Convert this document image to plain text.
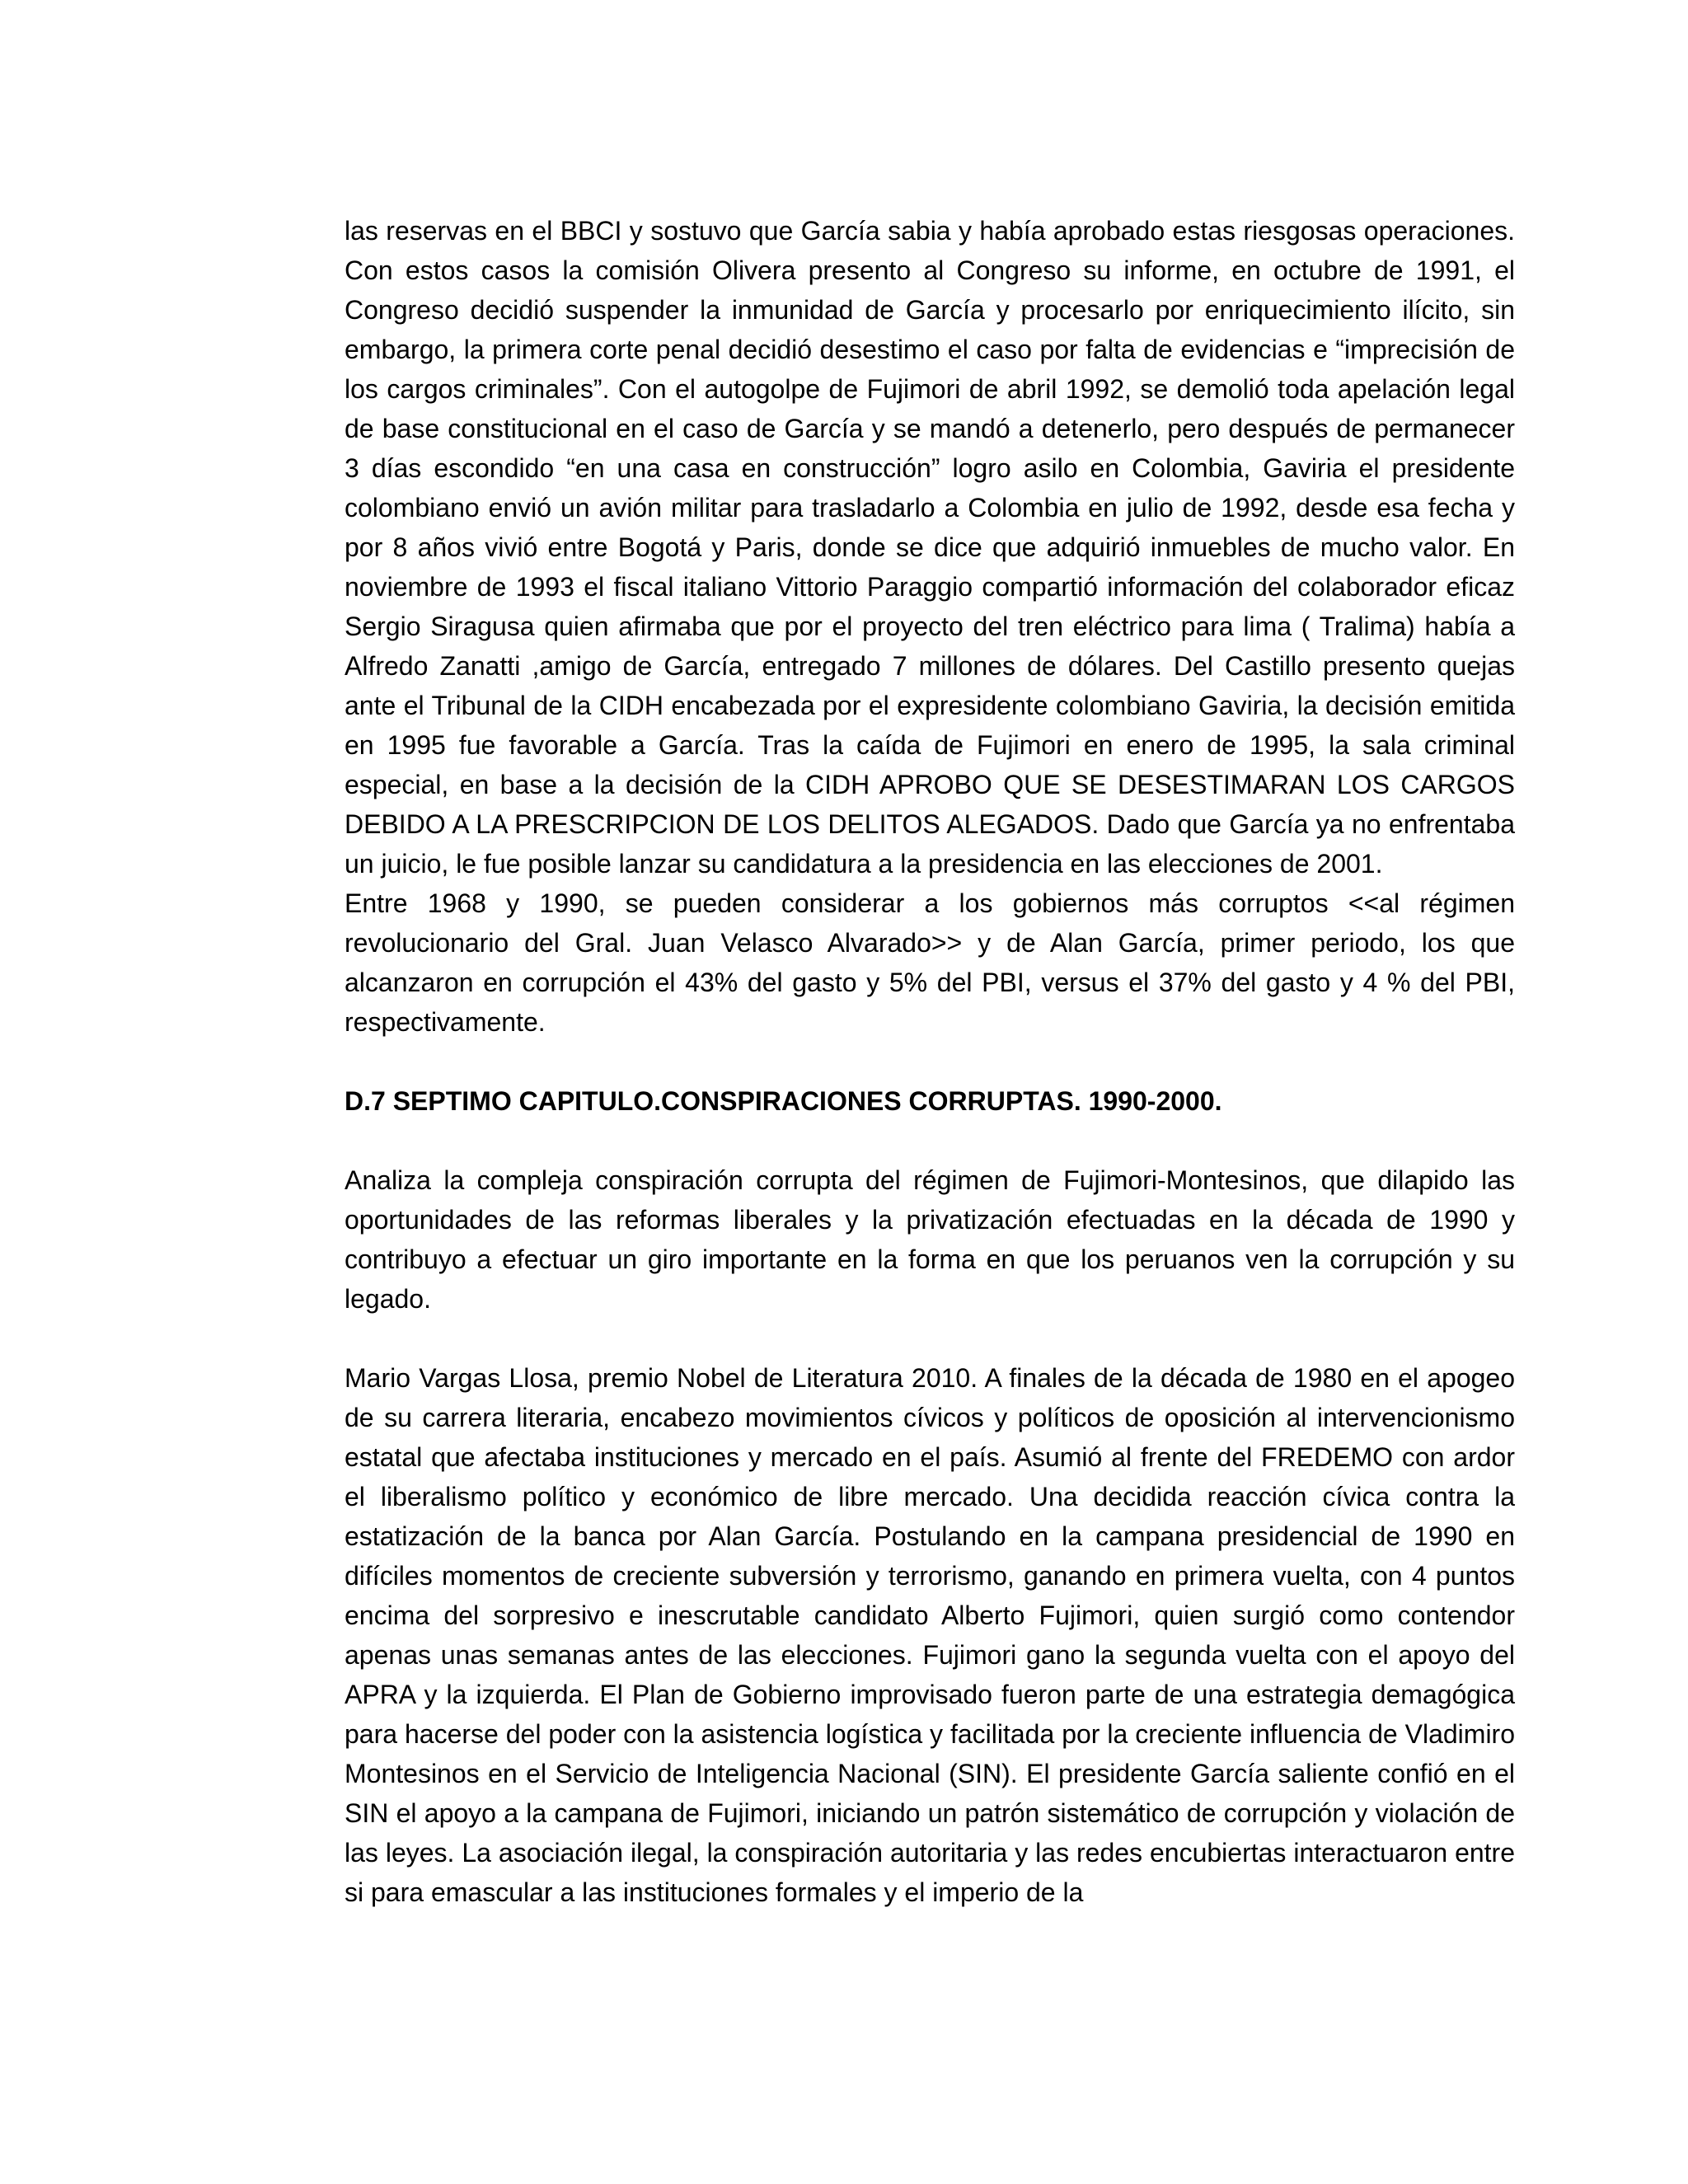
las reservas en el BBCI y sostuvo que García sabia y había aprobado estas riesgosas operaciones. Con estos casos la comisión Olivera presento al Congreso su informe, en octubre de 1991, el Congreso decidió suspender la inmunidad de García y procesarlo por enriquecimiento ilícito, sin embargo, la primera corte penal decidió desestimo el caso por falta de evidencias e “imprecisión de los cargos criminales”. Con el autogolpe de Fujimori de abril 1992, se demolió toda apelación legal de base constitucional en el caso de García y se mandó a detenerlo, pero después de permanecer 3 días escondido “en una casa en construcción” logro asilo en Colombia, Gaviria el presidente colombiano envió un avión militar para trasladarlo a Colombia en julio de 1992, desde esa fecha y por 8 años vivió entre Bogotá y Paris, donde se dice que adquirió inmuebles de mucho valor. En noviembre de 1993 el fiscal italiano Vittorio Paraggio compartió información del colaborador eficaz Sergio Siragusa quien afirmaba que por el proyecto del tren eléctrico para lima ( Tralima) había a Alfredo Zanatti ,amigo de García, entregado 7 millones de dólares. Del Castillo presento quejas ante el Tribunal de la CIDH encabezada por el expresidente colombiano Gaviria, la decisión emitida en 1995 fue favorable a García. Tras la caída de Fujimori en enero de 1995, la sala criminal especial, en base a la decisión de la CIDH APROBO QUE SE DESESTIMARAN LOS CARGOS DEBIDO A LA PRESCRIPCION DE LOS DELITOS ALEGADOS. Dado que García ya no enfrentaba un juicio, le fue posible lanzar su candidatura a la presidencia en las elecciones de 2001.

Entre 1968 y 1990, se pueden considerar a los gobiernos más corruptos <<al régimen revolucionario del Gral. Juan Velasco Alvarado>> y de Alan García, primer periodo, los que alcanzaron en corrupción el 43% del gasto y 5% del PBI, versus el 37% del gasto y 4 % del PBI, respectivamente.

D.7 SEPTIMO CAPITULO.CONSPIRACIONES CORRUPTAS. 1990-2000.

Analiza la compleja conspiración corrupta del régimen de Fujimori-Montesinos, que dilapido las oportunidades de las reformas liberales y la privatización efectuadas en la década de 1990 y contribuyo a efectuar un giro importante en la forma en que los peruanos ven la corrupción y su legado.

Mario Vargas Llosa, premio Nobel de Literatura 2010. A finales de la década de 1980 en el apogeo de su carrera literaria, encabezo movimientos cívicos y políticos de oposición al intervencionismo estatal que afectaba instituciones y mercado en el país. Asumió al frente del FREDEMO con ardor el liberalismo político y económico de libre mercado. Una decidida reacción cívica contra la estatización de la banca por Alan García. Postulando en la campana presidencial de 1990 en difíciles momentos de creciente subversión y terrorismo, ganando en primera vuelta, con 4 puntos encima del sorpresivo e inescrutable candidato Alberto Fujimori, quien surgió como contendor apenas unas semanas antes de las elecciones. Fujimori gano la segunda vuelta con el apoyo del APRA y la izquierda. El Plan de Gobierno improvisado fueron parte de una estrategia demagógica para hacerse del poder con la asistencia logística y facilitada por la creciente influencia de Vladimiro Montesinos en el Servicio de Inteligencia Nacional (SIN). El presidente García saliente confió en el SIN el apoyo a la campana de Fujimori, iniciando un patrón sistemático de corrupción y violación de las leyes. La asociación ilegal, la conspiración autoritaria y las redes encubiertas interactuaron entre si para emascular a las instituciones formales y el imperio de la
